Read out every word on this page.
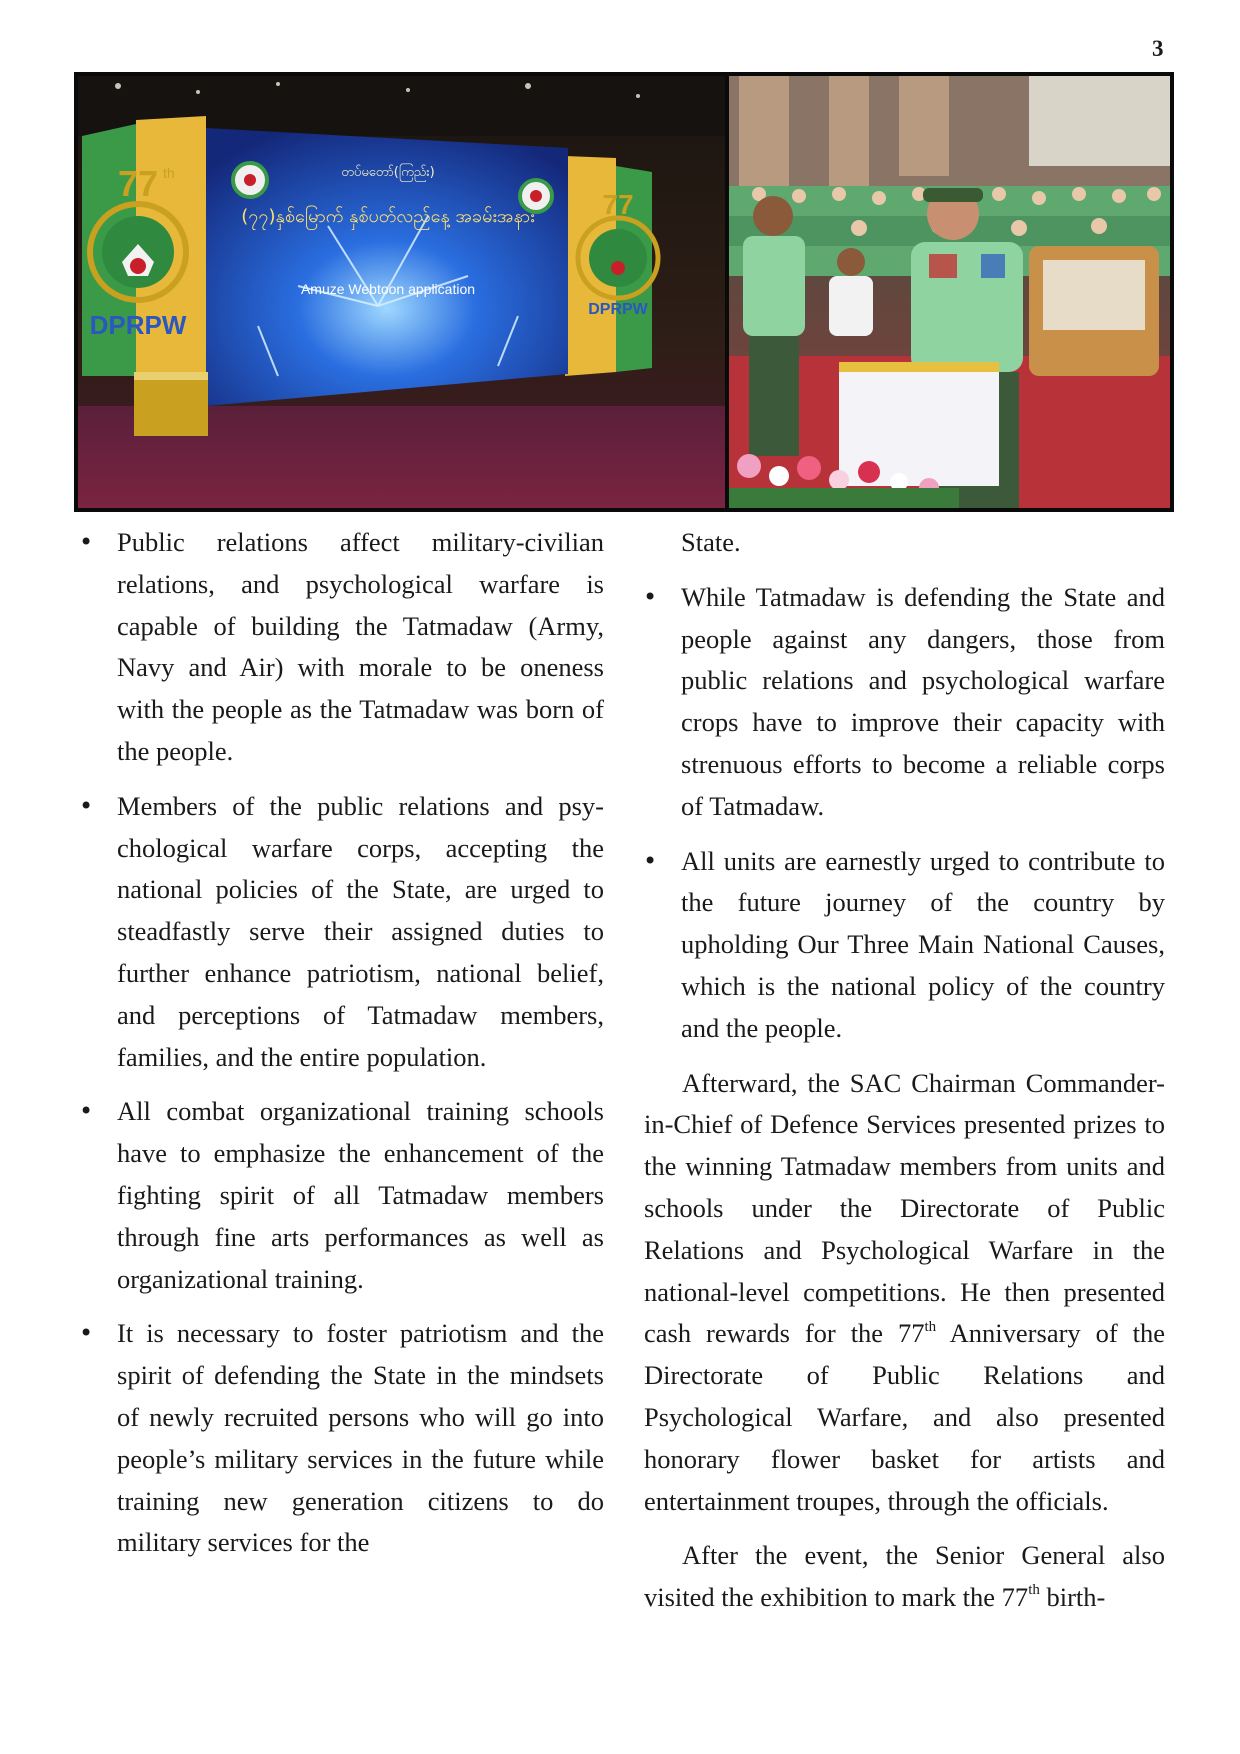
3
77 th
77
DPRPW
DPRPW
တပ်မတော်(ကြည်း)
(၇၇)နှစ်မြောက် နှစ်ပတ်လည်နေ့ အခမ်းအနား
Amuze Webtoon application
• Public relations affect military-civilian relations, and psychological warfare is capable of building the Tatmadaw (Army, Navy and Air) with morale to be oneness with the people as the Tatmadaw was born of the people.
• Members of the public relations and psychological warfare corps, accepting the national policies of the State, are urged to steadfastly serve their assigned duties to further enhance patriotism, national belief, and perceptions of Tatmadaw members, families, and the entire population.
• All combat organizational training schools have to emphasize the enhancement of the fighting spirit of all Tatmadaw members through fine arts performances as well as organizational training.
• It is necessary to foster patriotism and the spirit of defending the State in the mindsets of newly recruited persons who will go into people’s military services in the future while training new generation citizens to do military services for the

State.

• While Tatmadaw is defending the State and people against any dangers, those from public relations and psychological warfare crops have to improve their capacity with strenuous efforts to become a reliable corps of Tatmadaw.
• All units are earnestly urged to contribute to the future journey of the country by upholding Our Three Main National Causes, which is the national policy of the country and the people.

Afterward, the SAC Chairman Commander-in-Chief of Defence Services presented prizes to the winning Tatmadaw members from units and schools under the Directorate of Public Relations and Psychological Warfare in the national-level competitions. He then presented cash rewards for the 77th Anniversary of the Directorate of Public Relations and Psychological Warfare, and also presented honorary flower basket for artists and entertainment troupes, through the officials.

After the event, the Senior General also visited the exhibition to mark the 77th birth-
